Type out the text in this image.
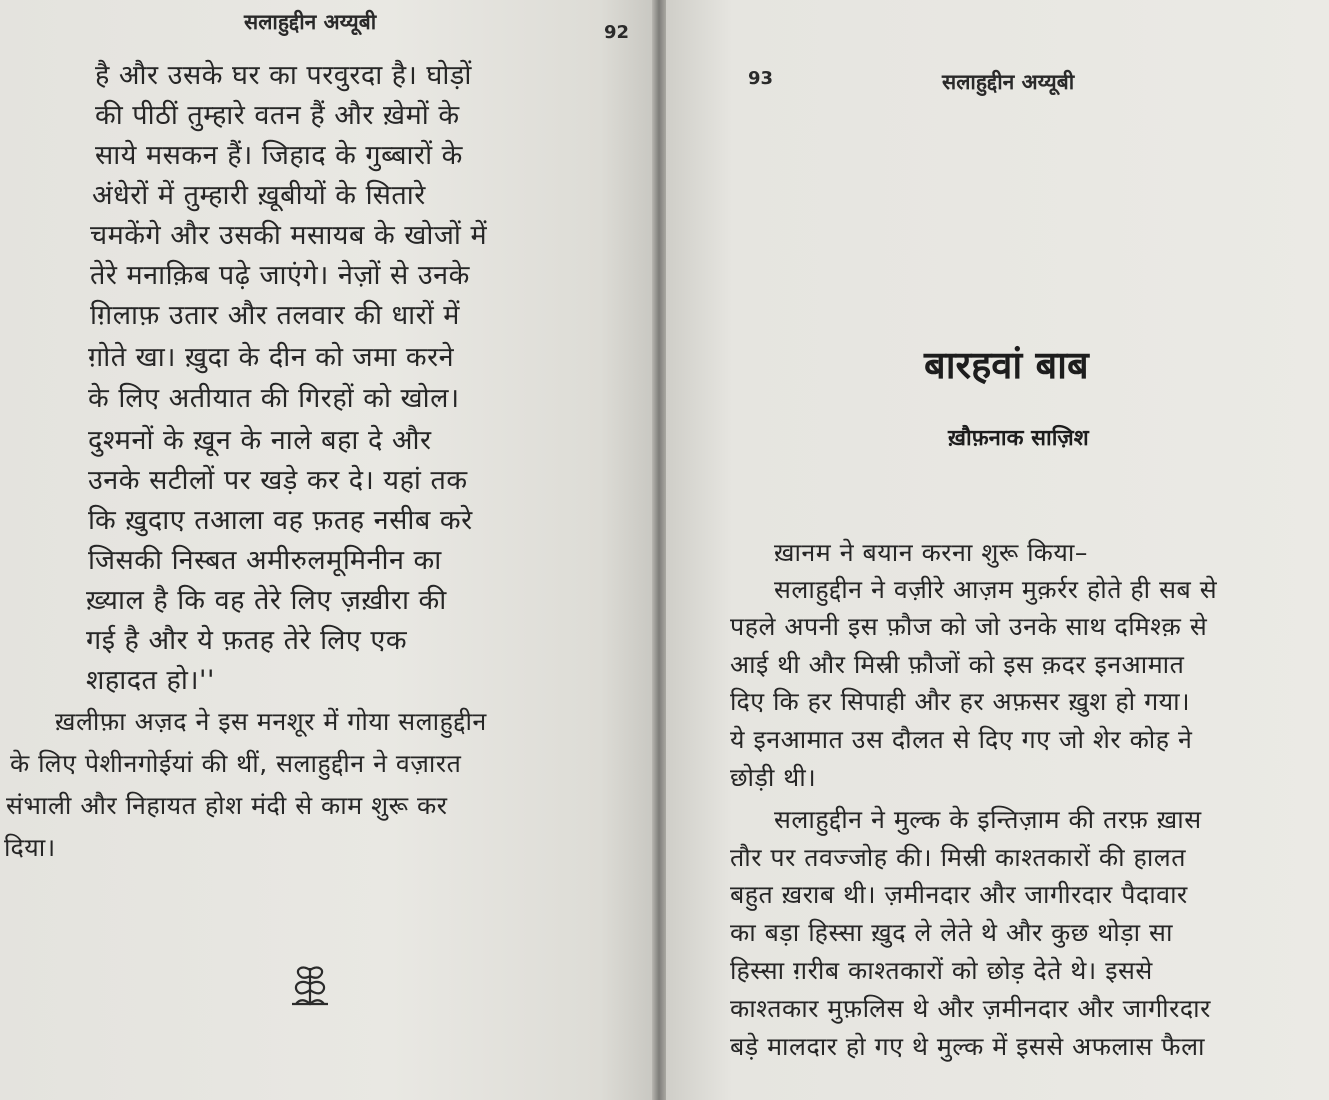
सलाहुद्दीन अय्यूबी	92
है और उसके घर का परवुरदा है। घोड़ों
की पीठीं तुम्हारे वतन हैं और ख़ेमों के
साये मसकन हैं। जिहाद के गुब्बारों के
अंधेरों में तुम्हारी ख़ूबीयों के सितारे
चमकेंगे और उसकी मसायब के खोजों में
तेरे मनाक़िब पढ़े जाएंगे। नेज़ों से उनके
ग़िलाफ़ उतार और तलवार की धारों में
ग़ोते खा। ख़ुदा के दीन को जमा करने
के लिए अतीयात की गिरहों को खोल।
दुश्मनों के ख़ून के नाले बहा दे और
उनके सटीलों पर खड़े कर दे। यहां तक
कि ख़ुदाए तआला वह फ़तह नसीब करे
जिसकी निस्बत अमीरुलमूमिनीन का
ख़्याल है कि वह तेरे लिए ज़ख़ीरा की
गई है और ये फ़तह तेरे लिए एक
शहादत हो।''
ख़लीफ़ा अज़द ने इस मनशूर में गोया सलाहुद्दीन
के लिए पेशीनगोईयां की थीं, सलाहुद्दीन ने वज़ारत
संभाली और निहायत होश मंदी से काम शुरू कर
दिया।
93	सलाहुद्दीन अय्यूबी
बारहवां बाब
ख़ौफ़नाक साज़िश
ख़ानम ने बयान करना शुरू किया–
सलाहुद्दीन ने वज़ीरे आज़म मुक़र्रर होते ही सब से
पहले अपनी इस फ़ौज को जो उनके साथ दमिश्क़ से
आई थी और मिस्री फ़ौजों को इस क़दर इनआमात
दिए कि हर सिपाही और हर अफ़सर ख़ुश हो गया।
ये इनआमात उस दौलत से दिए गए जो शेर कोह ने
छोड़ी थी।
सलाहुद्दीन ने मुल्क के इन्तिज़ाम की तरफ़ ख़ास
तौर पर तवज्जोह की। मिस्री काश्तकारों की हालत
बहुत ख़राब थी। ज़मीनदार और जागीरदार पैदावार
का बड़ा हिस्सा ख़ुद ले लेते थे और कुछ थोड़ा सा
हिस्सा ग़रीब काश्तकारों को छोड़ देते थे। इससे
काश्तकार मुफ़लिस थे और ज़मीनदार और जागीरदार
बड़े मालदार हो गए थे मुल्क में इससे अफलास फैला
